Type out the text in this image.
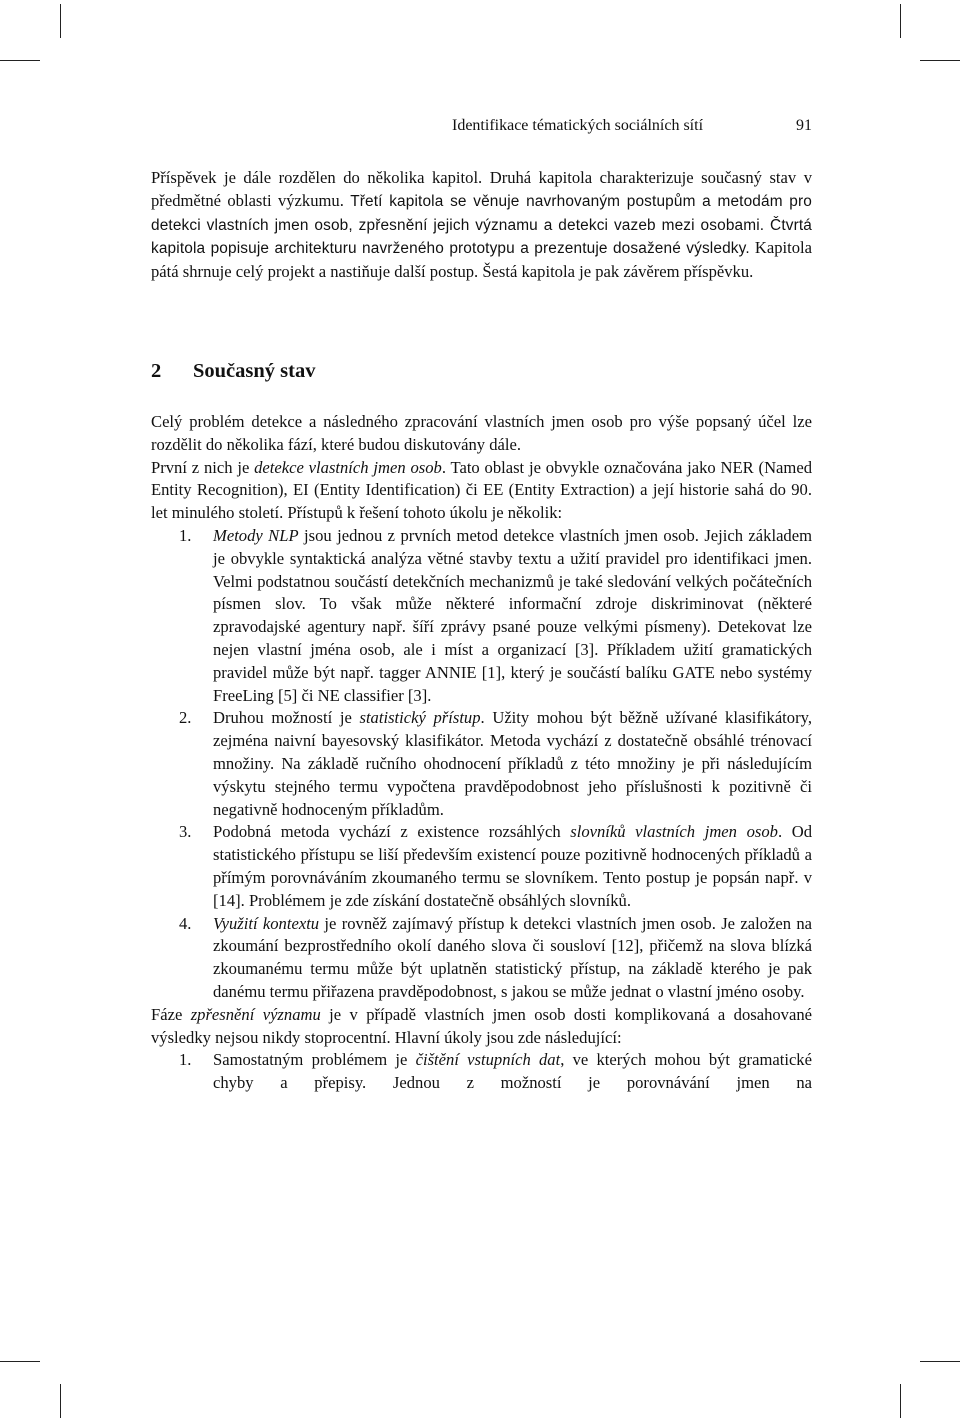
Identifikace tématických sociálních sítí	91
Příspěvek je dále rozdělen do několika kapitol. Druhá kapitola charakterizuje současný stav v předmětné oblasti výzkumu. Třetí kapitola se věnuje navrhovaným postupům a metodám pro detekci vlastních jmen osob, zpřesnění jejich významu a detekci vazeb mezi osobami. Čtvrtá kapitola popisuje architekturu navrženého prototypu a prezentuje dosažené výsledky. Kapitola pátá shrnuje celý projekt a nastiňuje další postup. Šestá kapitola je pak závěrem příspěvku.
2 Současný stav
Celý problém detekce a následného zpracování vlastních jmen osob pro výše popsaný účel lze rozdělit do několika fází, které budou diskutovány dále.
První z nich je detekce vlastních jmen osob. Tato oblast je obvykle označována jako NER (Named Entity Recognition), EI (Entity Identification) či EE (Entity Extraction) a její historie sahá do 90. let minulého století. Přístupů k řešení tohoto úkolu je několik:
1.	Metody NLP jsou jednou z prvních metod detekce vlastních jmen osob. Jejich základem je obvykle syntaktická analýza větné stavby textu a užití pravidel pro identifikaci jmen. Velmi podstatnou součástí detekčních mechanizmů je také sledování velkých počátečních písmen slov. To však může některé informační zdroje diskriminovat (některé zpravodajské agentury např. šíří zprávy psané pouze velkými písmeny). Detekovat lze nejen vlastní jména osob, ale i míst a organizací [3]. Příkladem užití gramatických pravidel může být např. tagger ANNIE [1], který je součástí balíku GATE nebo systémy FreeLing [5] či NE classifier [3].
2.	Druhou možností je statistický přístup. Užity mohou být běžně užívané klasifikátory, zejména naivní bayesovský klasifikátor. Metoda vychází z dostatečně obsáhlé trénovací množiny. Na základě ručního ohodnocení příkladů z této množiny je při následujícím výskytu stejného termu vypočtena pravděpodobnost jeho příslušnosti k pozitivně či negativně hodnoceným příkladům.
3.	Podobná metoda vychází z existence rozsáhlých slovníků vlastních jmen osob. Od statistického přístupu se liší především existencí pouze pozitivně hodnocených příkladů a přímým porovnáváním zkoumaného termu se slovníkem. Tento postup je popsán např. v [14]. Problémem je zde získání dostatečně obsáhlých slovníků.
4.	Využití kontextu je rovněž zajímavý přístup k detekci vlastních jmen osob. Je založen na zkoumání bezprostředního okolí daného slova či sousloví [12], přičemž na slova blízká zkoumanému termu může být uplatněn statistický přístup, na základě kterého je pak danému termu přiřazena pravděpodobnost, s jakou se může jednat o vlastní jméno osoby.
Fáze zpřesnění významu je v případě vlastních jmen osob dosti komplikovaná a dosahované výsledky nejsou nikdy stoprocentní. Hlavní úkoly jsou zde následující:
1.	Samostatným problémem je čištění vstupních dat, ve kterých mohou být gramatické chyby a přepisy. Jednou z možností je porovnávání jmen na
